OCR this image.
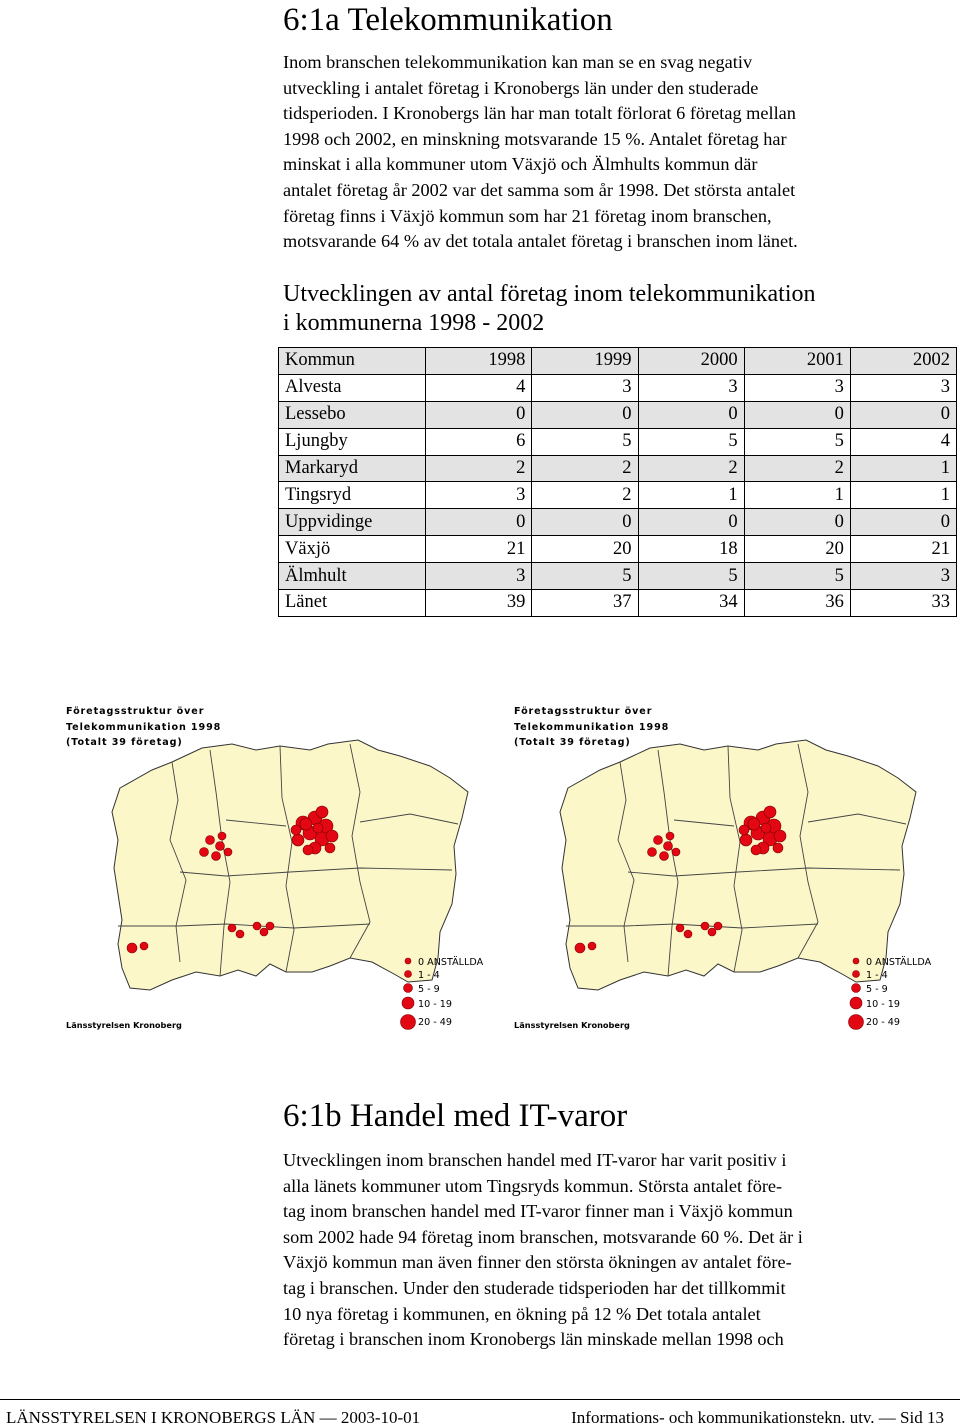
6:1a Telekommunikation
Inom branschen telekommunikation kan man se en svag negativ
utveckling i antalet företag i Kronobergs län under den studerade
tidsperioden. I Kronobergs län har man totalt förlorat 6 företag mellan
1998 och 2002, en minskning motsvarande 15 %. Antalet företag har
minskat i alla kommuner utom Växjö och Älmhults kommun där
antalet företag år 2002 var det samma som år 1998. Det största antalet
företag finns i Växjö kommun som har 21 företag inom branschen,
motsvarande 64 % av det totala antalet företag i branschen inom länet.
Utvecklingen av antal företag inom telekommunikation
i kommunerna 1998 - 2002
Kommun	1998	1999	2000	2001	2002
Alvesta	4	3	3	3	3
Lessebo	0	0	0	0	0
Ljungby	6	5	5	5	4
Markaryd	2	2	2	2	1
Tingsryd	3	2	1	1	1
Uppvidinge	0	0	0	0	0
Växjö	21	20	18	20	21
Älmhult	3	5	5	5	3
Länet	39	37	34	36	33
Företagsstruktur över
Telekommunikation 1998
(Totalt 39 företag)
0 ANSTÄLLDA
1 - 4
5 - 9
10 - 19
20 - 49
Länsstyrelsen Kronoberg
Företagsstruktur över
Telekommunikation 1998
(Totalt 39 företag)
0 ANSTÄLLDA
1 - 4
5 - 9
10 - 19
20 - 49
Länsstyrelsen Kronoberg
6:1b Handel med IT-varor
Utvecklingen inom branschen handel med IT-varor har varit positiv i
alla länets kommuner utom Tingsryds kommun. Största antalet före-
tag inom branschen handel med IT-varor finner man i Växjö kommun
som 2002 hade 94 företag inom branschen, motsvarande 60 %. Det är i
Växjö kommun man även finner den största ökningen av antalet före-
tag i branschen. Under den studerade tidsperioden har det tillkommit
10 nya företag i kommunen, en ökning på 12 % Det totala antalet
företag i branschen inom Kronobergs län minskade mellan 1998 och
LÄNSSTYRELSEN I KRONOBERGS LÄN — 2003-10-01	Informations- och kommunikationstekn. utv. — Sid 13
